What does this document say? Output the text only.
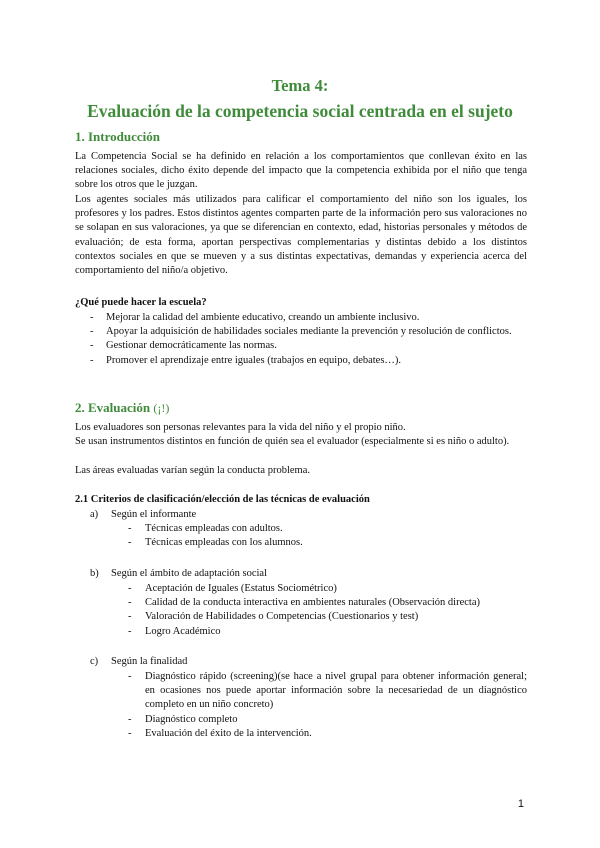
Tema 4:
Evaluación de la competencia social centrada en el sujeto
1. Introducción

La Competencia Social se ha definido en relación a los comportamientos que conllevan éxito en las relaciones sociales, dicho éxito depende del impacto que la competencia exhibida por el niño que tenga sobre los otros que le juzgan.

Los agentes sociales más utilizados para calificar el comportamiento del niño son los iguales, los profesores y los padres. Estos distintos agentes comparten parte de la información pero sus valoraciones no se solapan en sus valoraciones, ya que se diferencian en contexto, edad, historias personales y métodos de evaluación; de esta forma, aportan perspectivas complementarias y distintas debido a los distintos contextos sociales en que se mueven y a sus distintas expectativas, demandas y experiencia acerca del comportamiento del niño/a objetivo.

¿Qué puede hacer la escuela?
- Mejorar la calidad del ambiente educativo, creando un ambiente inclusivo.
- Apoyar la adquisición de habilidades sociales mediante la prevención y resolución de conflictos.
- Gestionar democráticamente las normas.
- Promover el aprendizaje entre iguales (trabajos en equipo, debates…).
2. Evaluación (¡!)

Los evaluadores son personas relevantes para la vida del niño y el propio niño.

Se usan instrumentos distintos en función de quién sea el evaluador (especialmente si es niño o adulto).

Las áreas evaluadas varían según la conducta problema.

2.1 Criterios de clasificación/elección de las técnicas de evaluación
a) Según el informante
- Técnicas empleadas con adultos.
- Técnicas empleadas con los alumnos.
b) Según el ámbito de adaptación social
- Aceptación de Iguales (Estatus Sociométrico)
- Calidad de la conducta interactiva en ambientes naturales (Observación directa)
- Valoración de Habilidades o Competencias (Cuestionarios y test)
- Logro Académico
c) Según la finalidad
- Diagnóstico rápido (screening)(se hace a nivel grupal para obtener información general; en ocasiones nos puede aportar información sobre la necesariedad de un diagnóstico completo en un niño concreto)
- Diagnóstico completo
- Evaluación del éxito de la intervención.
1
